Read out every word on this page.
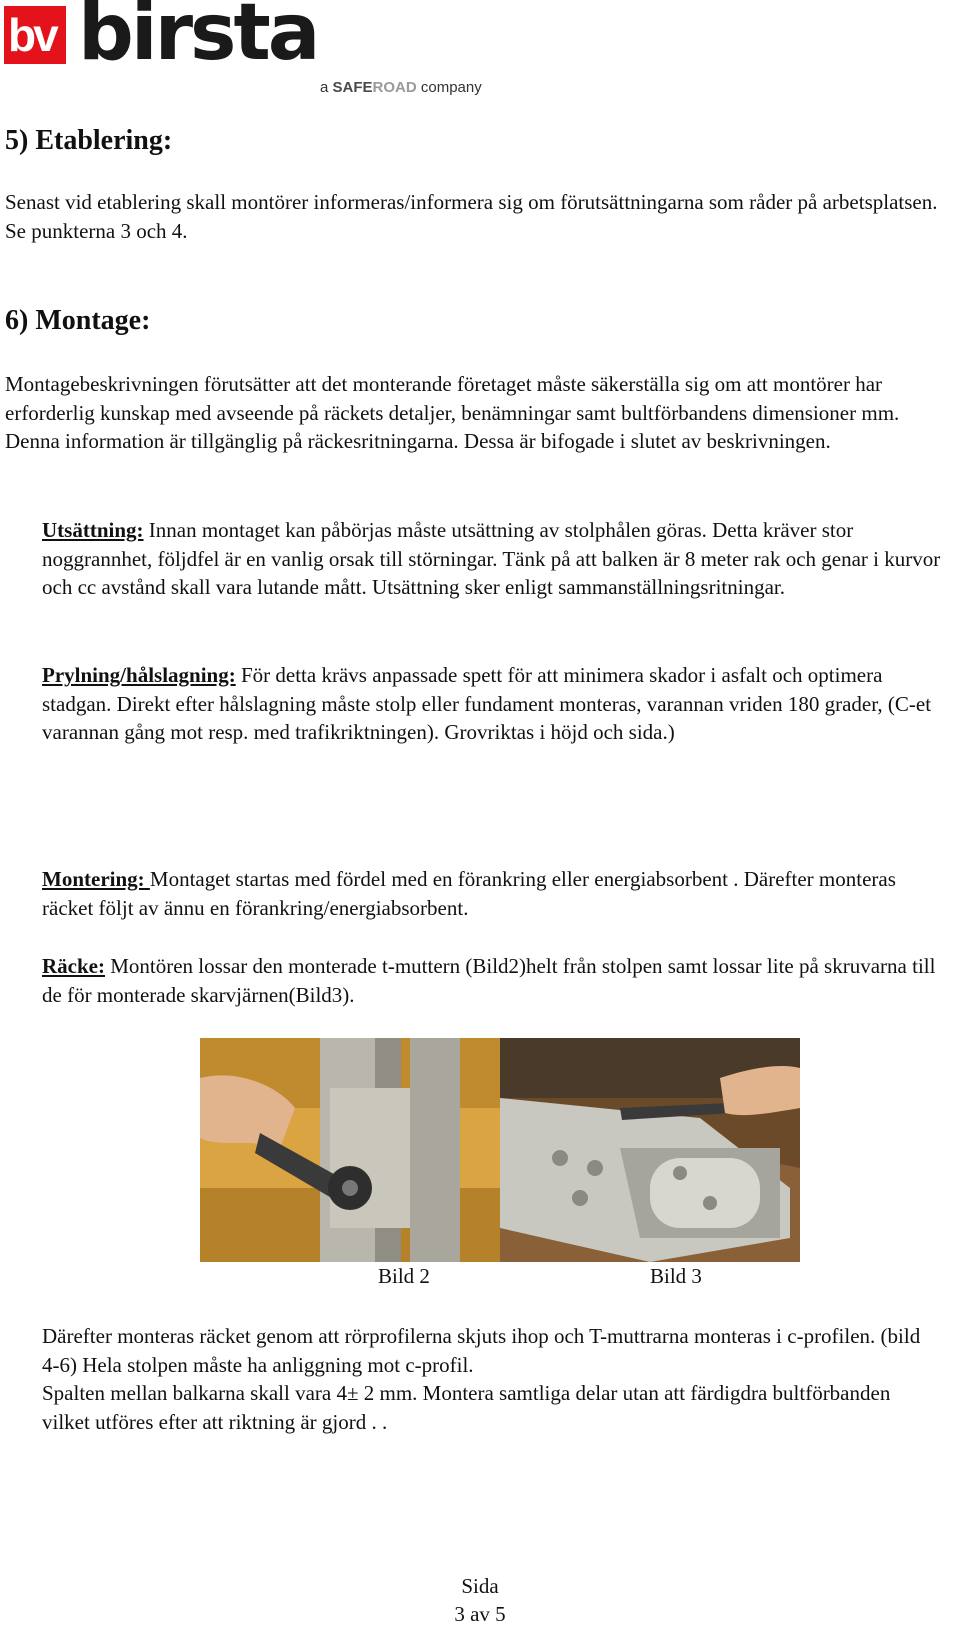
bv birsta
a SAFEROAD company
5) Etablering:

Senast vid etablering skall montörer informeras/informera sig om förutsättningarna som råder på arbetsplatsen. Se punkterna 3 och 4.

6) Montage:

Montagebeskrivningen förutsätter att det monterande företaget måste säkerställa sig om att montörer har erforderlig kunskap med avseende på räckets detaljer, benämningar samt bultförbandens dimensioner mm. Denna information är tillgänglig på räckesritningarna. Dessa är bifogade i slutet av beskrivningen.

Utsättning: Innan montaget kan påbörjas måste utsättning av stolphålen göras. Detta kräver stor noggrannhet, följdfel är en vanlig orsak till störningar. Tänk på att balken är 8 meter rak och genar i kurvor och cc avstånd skall vara lutande mått. Utsättning sker enligt sammanställningsritningar.

Prylning/hålslagning: För detta krävs anpassade spett för att minimera skador i asfalt och optimera stadgan. Direkt efter hålslagning måste stolp eller fundament monteras, varannan vriden 180 grader, (C-et varannan gång mot resp. med trafikriktningen). Grovriktas i höjd och sida.)

Montering: Montaget startas med fördel med en förankring eller energiabsorbent . Därefter monteras räcket följt av ännu en förankring/energiabsorbent.

Räcke: Montören lossar den monterade t-muttern (Bild2)helt från stolpen samt lossar lite på skruvarna till de för monterade skarvjärnen(Bild3).

Bild 2	Bild 3

Därefter monteras räcket genom att rörprofilerna skjuts ihop och T-muttrarna monteras i c-profilen. (bild 4-6) Hela stolpen måste ha anliggning mot c-profil.
Spalten mellan balkarna skall vara 4± 2 mm. Montera samtliga delar utan att färdigdra bultförbanden vilket utföres efter att riktning är gjord . .

Sida
3 av 5
